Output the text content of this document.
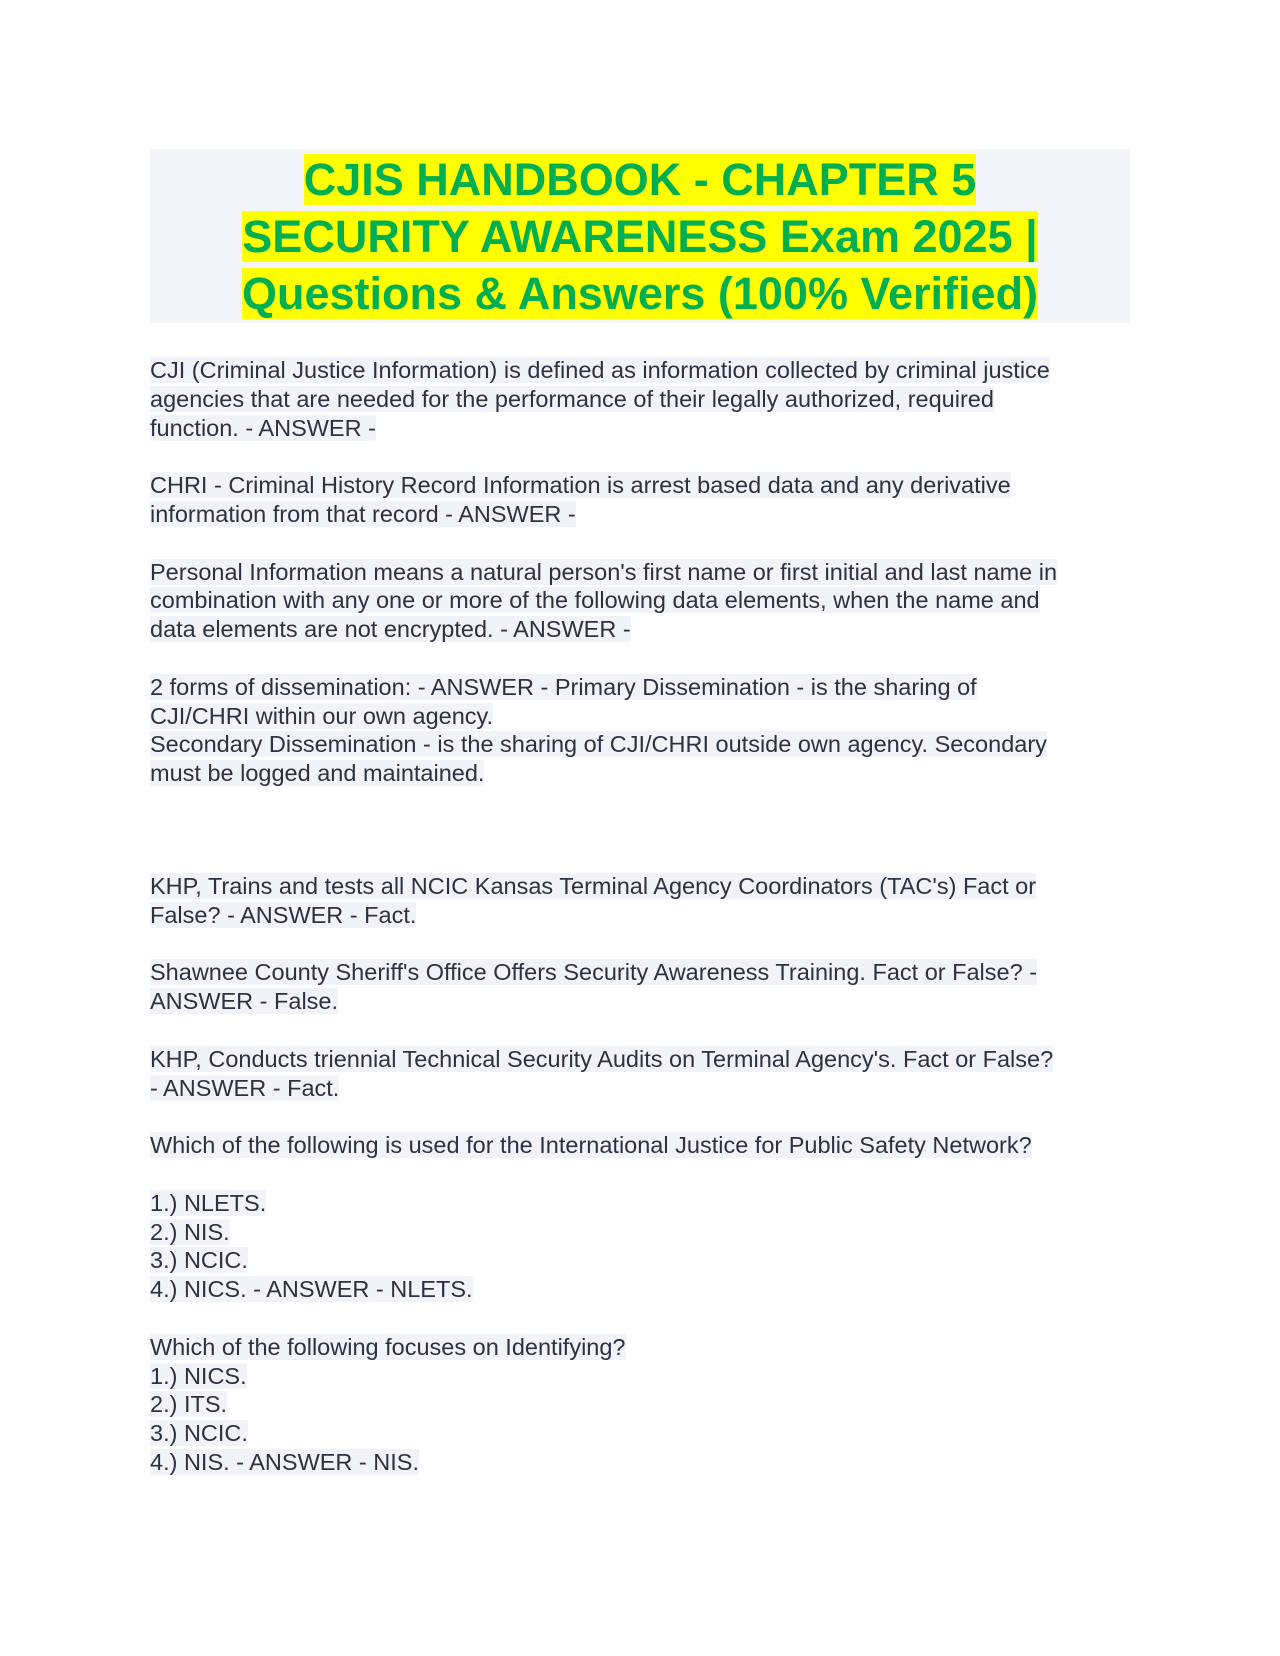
CJIS HANDBOOK - CHAPTER 5
SECURITY AWARENESS Exam 2025 |
Questions & Answers (100% Verified)
CJI (Criminal Justice Information) is defined as information collected by criminal justice
agencies that are needed for the performance of their legally authorized, required
function. - ANSWER -
CHRI - Criminal History Record Information is arrest based data and any derivative
information from that record - ANSWER -
Personal Information means a natural person's first name or first initial and last name in
combination with any one or more of the following data elements, when the name and
data elements are not encrypted. - ANSWER -
2 forms of dissemination: - ANSWER - Primary Dissemination - is the sharing of
CJI/CHRI within our own agency.
Secondary Dissemination - is the sharing of CJI/CHRI outside own agency. Secondary
must be logged and maintained.
KHP, Trains and tests all NCIC Kansas Terminal Agency Coordinators (TAC's) Fact or
False? - ANSWER - Fact.
Shawnee County Sheriff's Office Offers Security Awareness Training. Fact or False? -
ANSWER - False.
KHP, Conducts triennial Technical Security Audits on Terminal Agency's. Fact or False?
- ANSWER - Fact.
Which of the following is used for the International Justice for Public Safety Network?
1.) NLETS.
2.) NIS.
3.) NCIC.
4.) NICS. - ANSWER - NLETS.
Which of the following focuses on Identifying?
1.) NICS.
2.) ITS.
3.) NCIC.
4.) NIS. - ANSWER - NIS.
